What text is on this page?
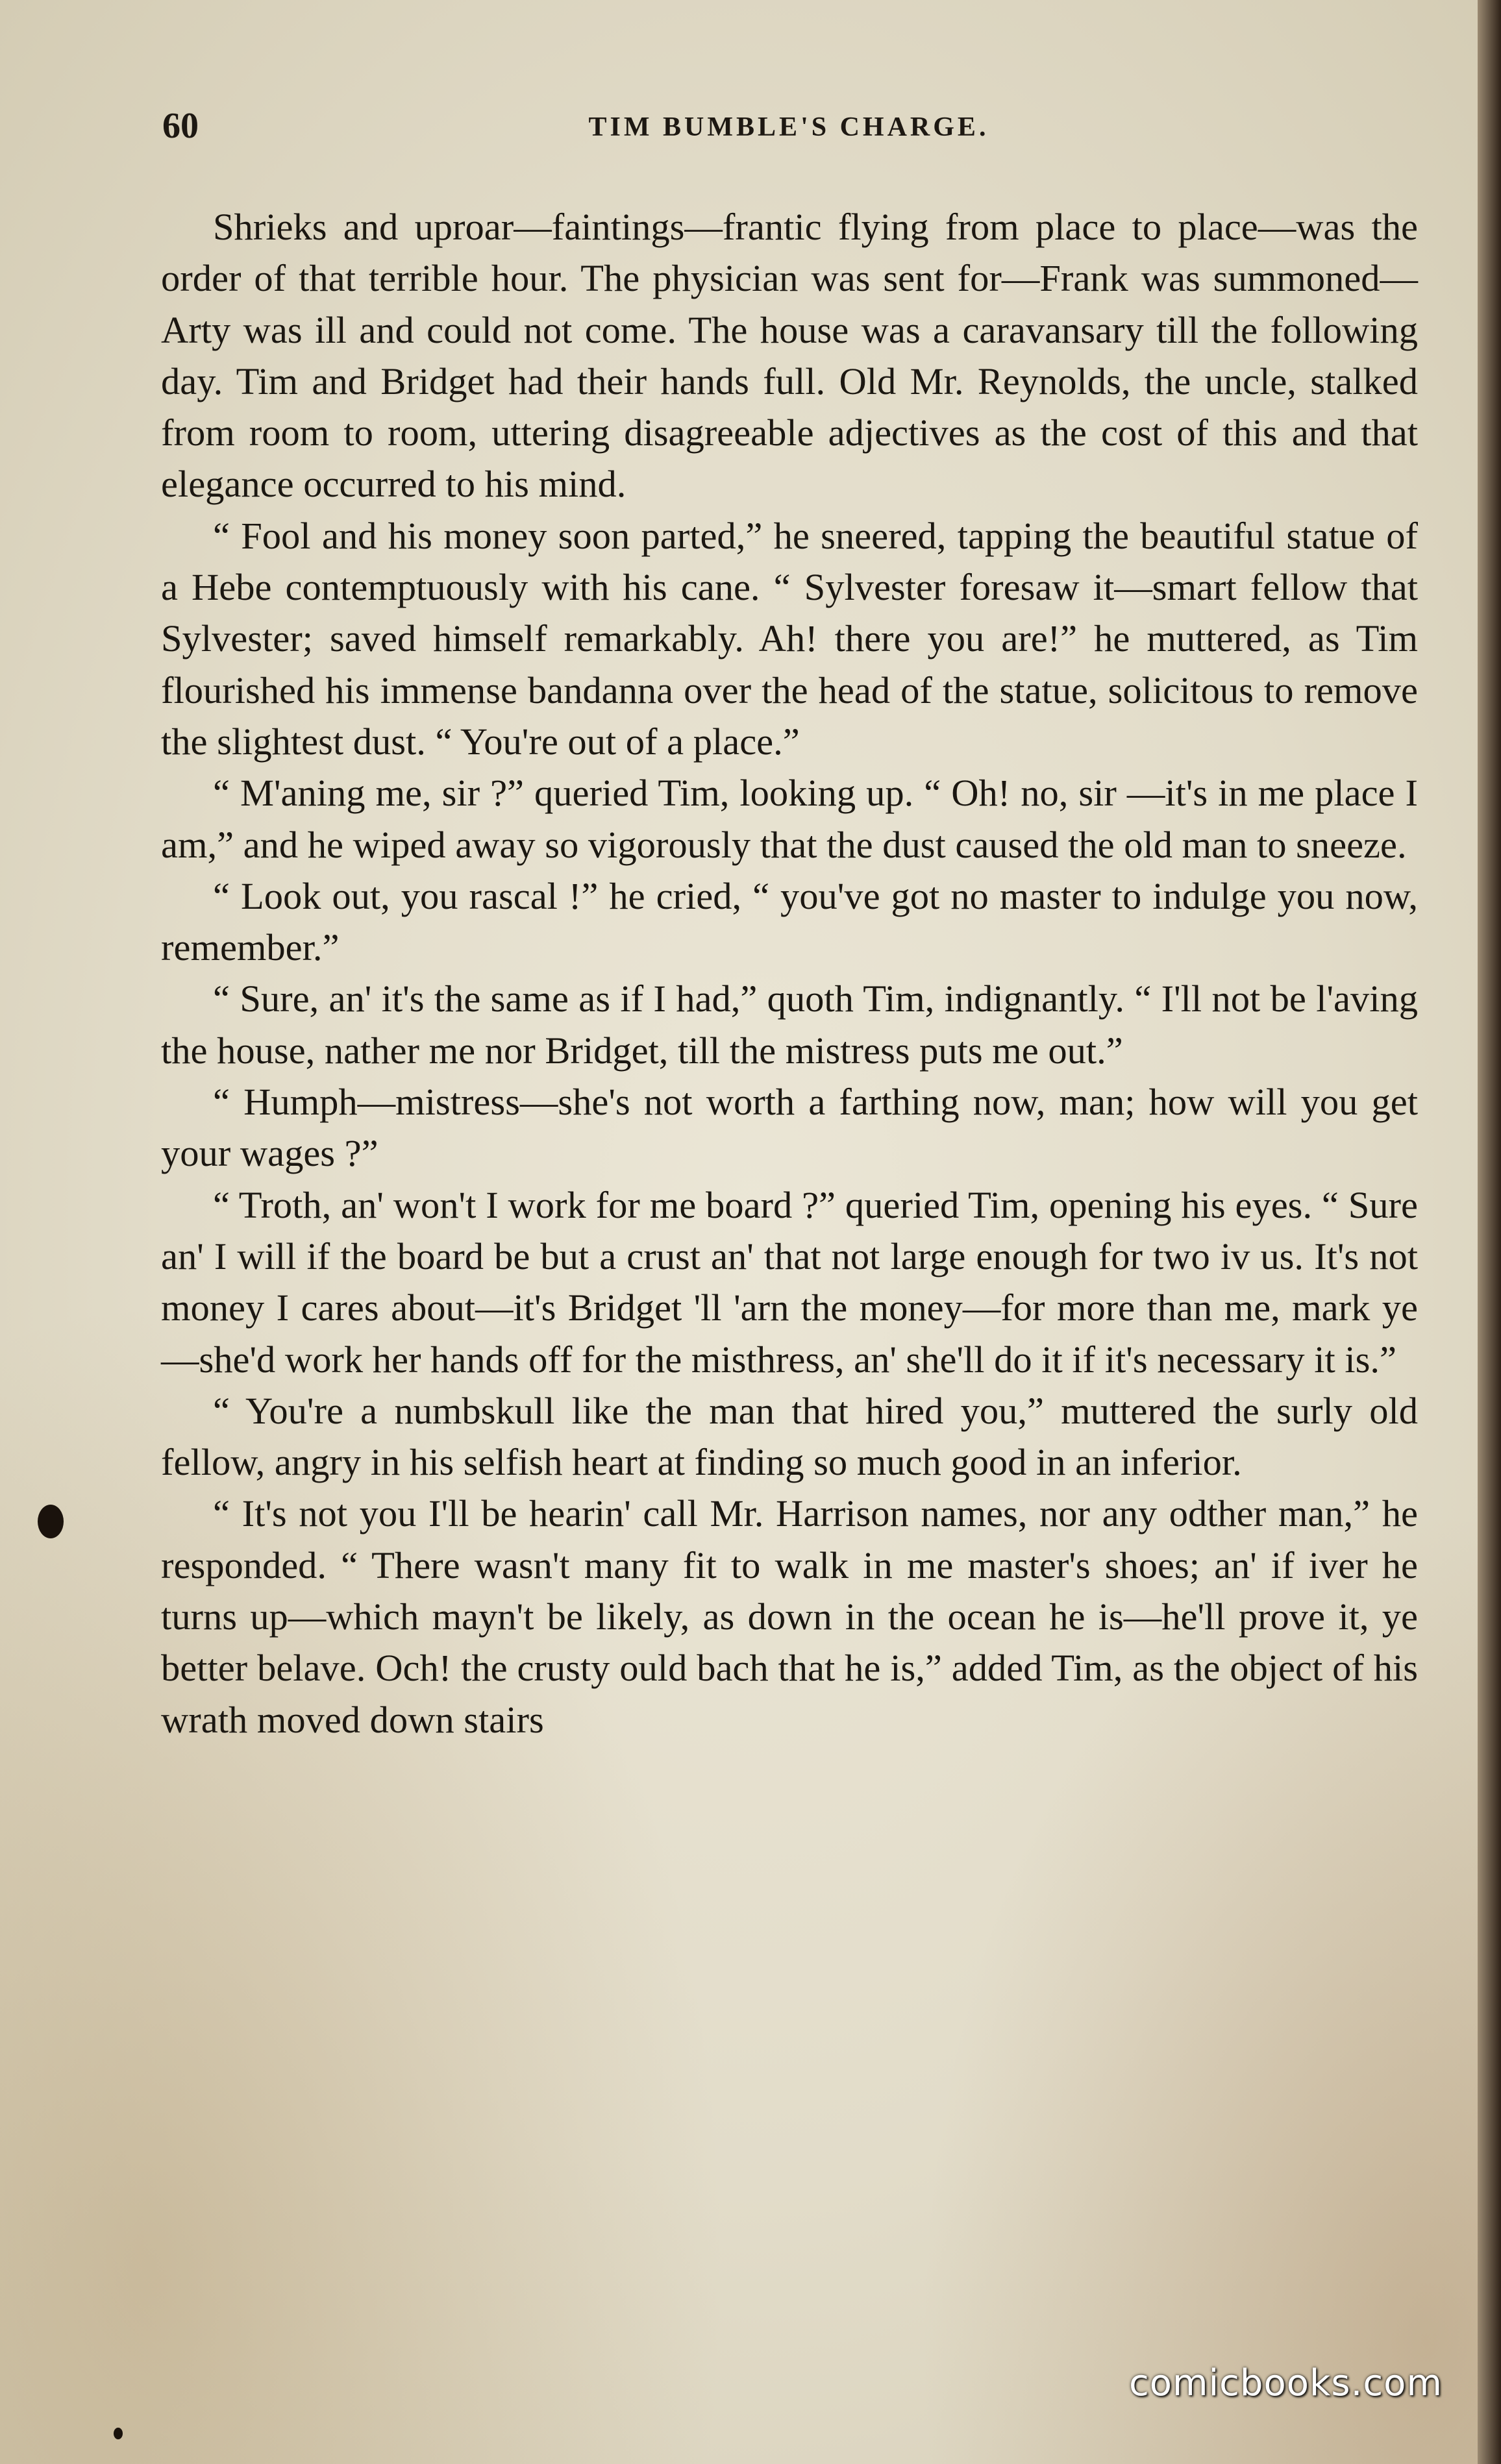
60	TIM BUMBLE'S CHARGE.

Shrieks and uproar—faintings—frantic flying from place to place—was the order of that terrible hour. The physician was sent for—Frank was summoned—Arty was ill and could not come. The house was a caravansary till the following day. Tim and Bridget had their hands full. Old Mr. Reynolds, the uncle, stalked from room to room, uttering disagreeable adjectives as the cost of this and that elegance occurred to his mind.

“ Fool and his money soon parted,” he sneered, tapping the beautiful statue of a Hebe contemptuously with his cane. “ Sylvester foresaw it—smart fellow that Sylvester; saved himself remarkably. Ah! there you are!” he muttered, as Tim flourished his immense bandanna over the head of the statue, solicitous to remove the slightest dust. “ You're out of a place.”

“ M'aning me, sir ?” queried Tim, looking up. “ Oh! no, sir —it's in me place I am,” and he wiped away so vigorously that the dust caused the old man to sneeze.

“ Look out, you rascal !” he cried, “ you've got no master to indulge you now, remember.”

“ Sure, an' it's the same as if I had,” quoth Tim, indignantly. “ I'll not be l'aving the house, nather me nor Bridget, till the mistress puts me out.”

“ Humph—mistress—she's not worth a farthing now, man; how will you get your wages ?”

“ Troth, an' won't I work for me board ?” queried Tim, opening his eyes. “ Sure an' I will if the board be but a crust an' that not large enough for two iv us. It's not money I cares about—it's Bridget 'll 'arn the money—for more than me, mark ye—she'd work her hands off for the misthress, an' she'll do it if it's necessary it is.”

“ You're a numbskull like the man that hired you,” muttered the surly old fellow, angry in his selfish heart at finding so much good in an inferior.

“ It's not you I'll be hearin' call Mr. Harrison names, nor any odther man,” he responded. “ There wasn't many fit to walk in me master's shoes; an' if iver he turns up—which mayn't be likely, as down in the ocean he is—he'll prove it, ye better belave. Och! the crusty ould bach that he is,” added Tim, as the object of his wrath moved down stairs

comicbooks.com
